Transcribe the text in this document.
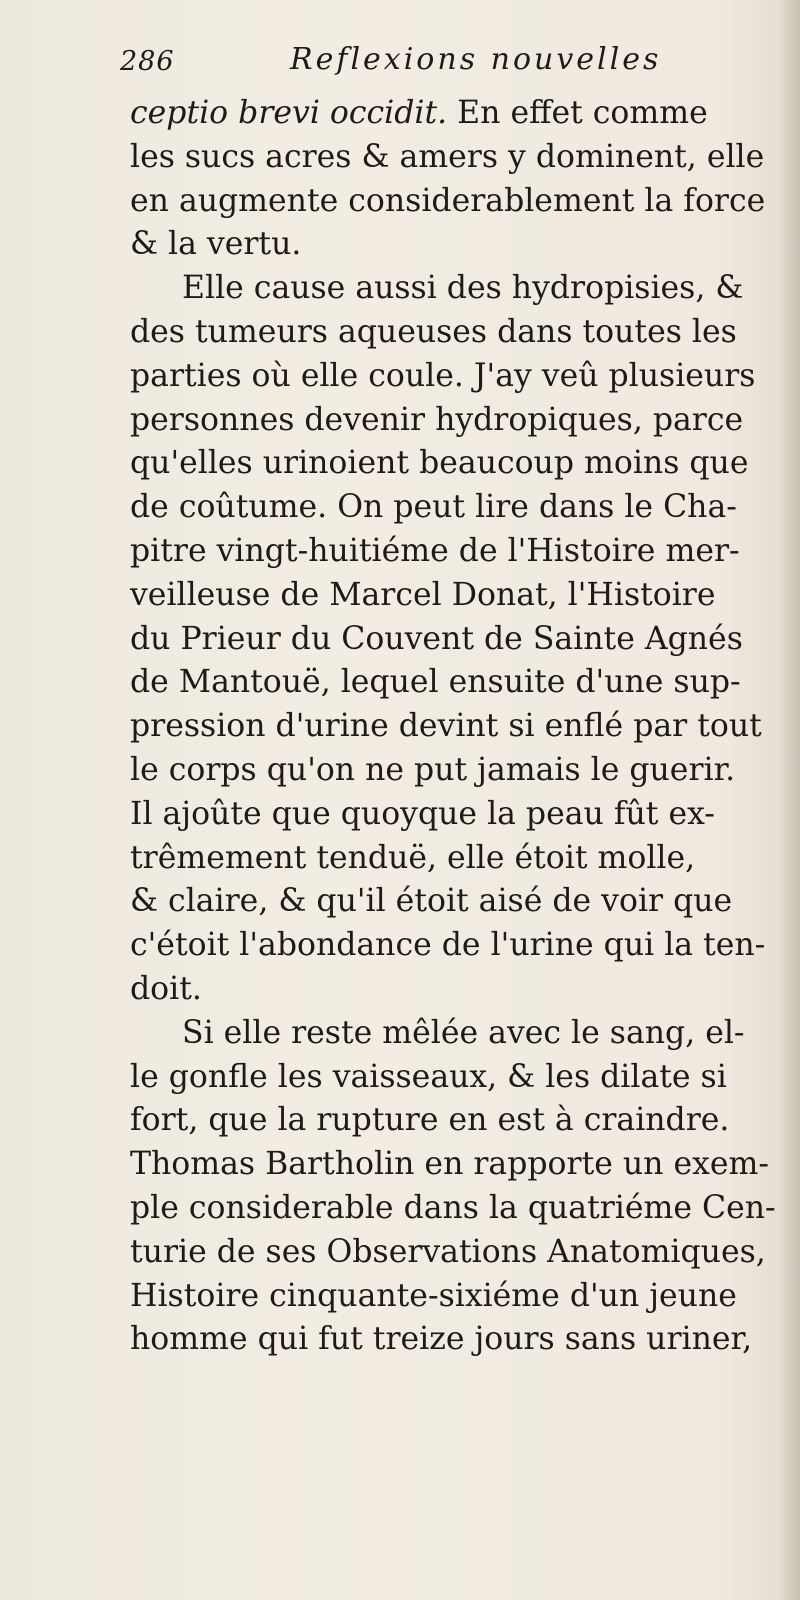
286	Reflexions nouvelles
ceptio brevi occidit. En effet comme
les sucs acres & amers y dominent, elle
en augmente considerablement la force
& la vertu.
Elle cause aussi des hydropisies, &
des tumeurs aqueuses dans toutes les
parties où elle coule. J'ay veû plusieurs
personnes devenir hydropiques, parce
qu'elles urinoient beaucoup moins que
de coûtume. On peut lire dans le Cha-
pitre vingt-huitiéme de l'Histoire mer-
veilleuse de Marcel Donat, l'Histoire
du Prieur du Couvent de Sainte Agnés
de Mantouë, lequel ensuite d'une sup-
pression d'urine devint si enflé par tout
le corps qu'on ne put jamais le guerir.
Il ajoûte que quoyque la peau fût ex-
trêmement tenduë, elle étoit molle,
& claire, & qu'il étoit aisé de voir que
c'étoit l'abondance de l'urine qui la ten-
doit.
Si elle reste mêlée avec le sang, el-
le gonfle les vaisseaux, & les dilate si
fort, que la rupture en est à craindre.
Thomas Bartholin en rapporte un exem-
ple considerable dans la quatriéme Cen-
turie de ses Observations Anatomiques,
Histoire cinquante-sixiéme d'un jeune
homme qui fut treize jours sans uriner,
